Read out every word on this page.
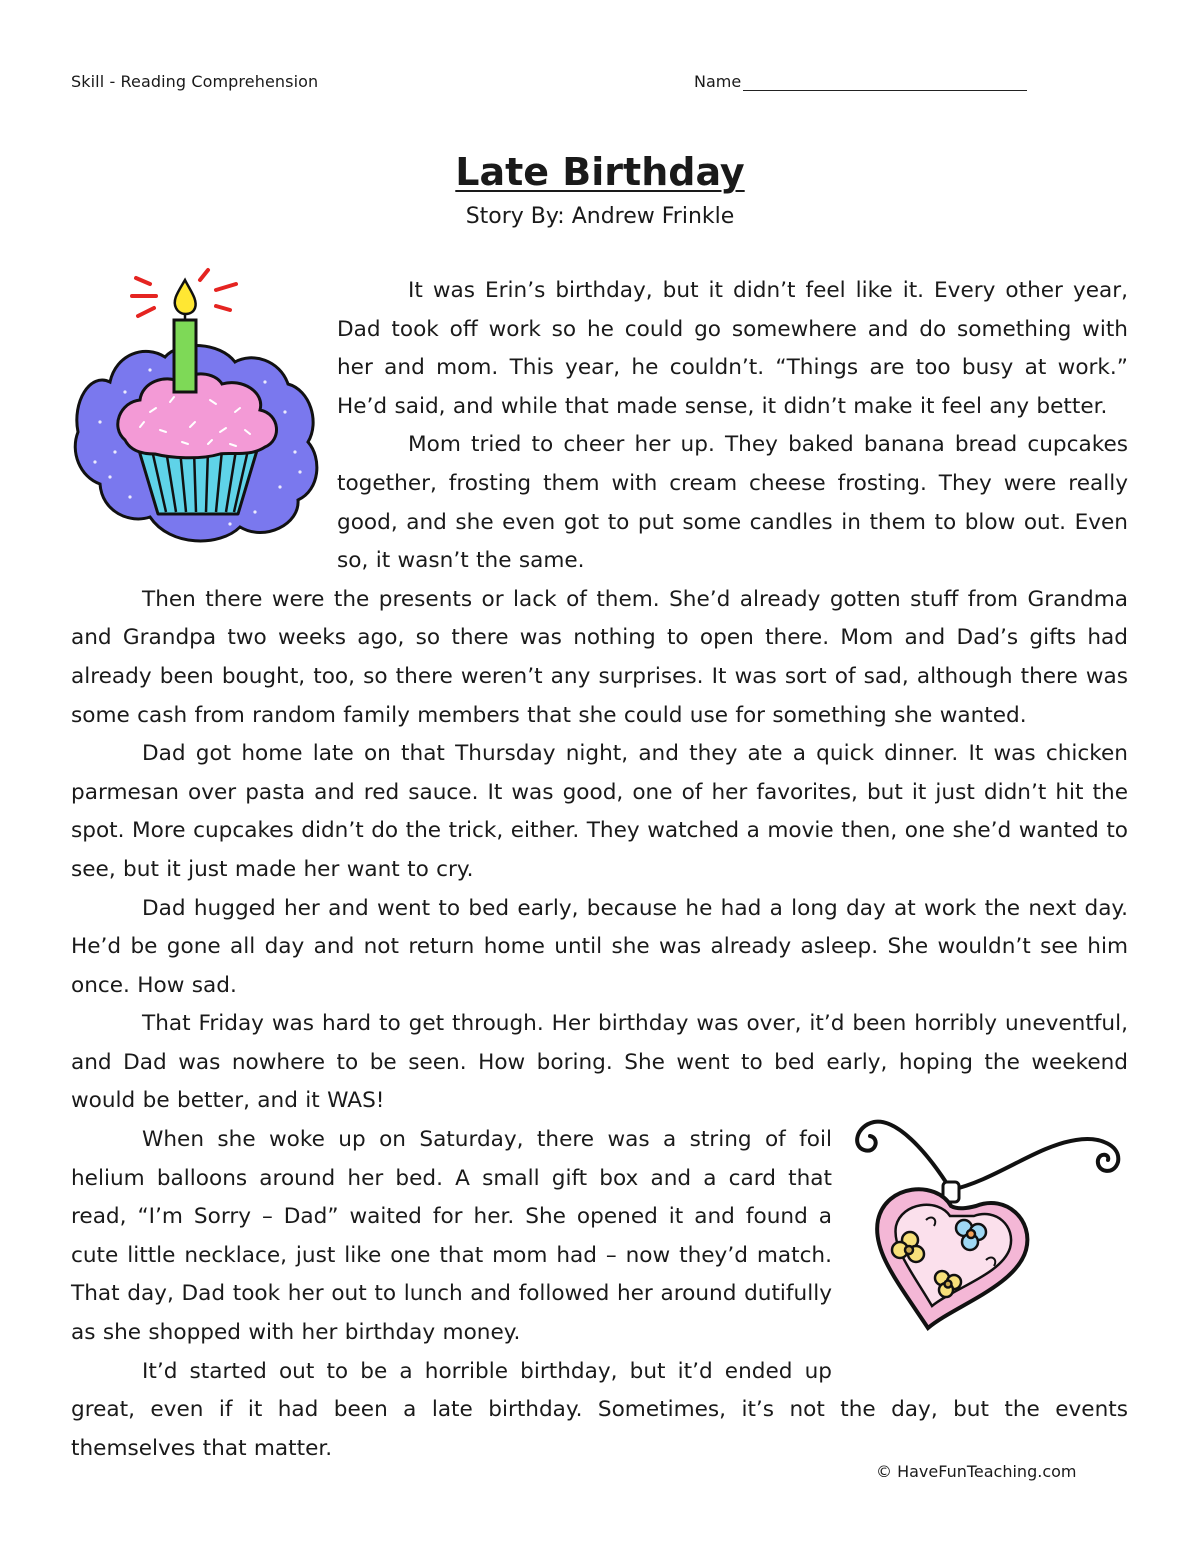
Skill - Reading Comprehension	Name
Late Birthday
Story By: Andrew Frinkle

It was Erin’s birthday, but it didn’t feel like it. Every other year, Dad took off work so he could go somewhere and do something with her and mom. This year, he couldn’t. “Things are too busy at work.” He’d said, and while that made sense, it didn’t make it feel any better.

Mom tried to cheer her up. They baked banana bread cupcakes together, frosting them with cream cheese frosting. They were really good, and she even got to put some candles in them to blow out. Even so, it wasn’t the same.

Then there were the presents or lack of them. She’d already gotten stuff from Grandma and Grandpa two weeks ago, so there was nothing to open there. Mom and Dad’s gifts had already been bought, too, so there weren’t any surprises. It was sort of sad, although there was some cash from random family members that she could use for something she wanted.

Dad got home late on that Thursday night, and they ate a quick dinner. It was chicken parmesan over pasta and red sauce. It was good, one of her favorites, but it just didn’t hit the spot. More cupcakes didn’t do the trick, either. They watched a movie then, one she’d wanted to see, but it just made her want to cry.

Dad hugged her and went to bed early, because he had a long day at work the next day. He’d be gone all day and not return home until she was already asleep. She wouldn’t see him once. How sad.

That Friday was hard to get through. Her birthday was over, it’d been horribly uneventful, and Dad was nowhere to be seen. How boring. She went to bed early, hoping the weekend would be better, and it WAS!

When she woke up on Saturday, there was a string of foil helium balloons around her bed. A small gift box and a card that read, “I’m Sorry – Dad” waited for her. She opened it and found a cute little necklace, just like one that mom had – now they’d match. That day, Dad took her out to lunch and followed her around dutifully as she shopped with her birthday money.

It’d started out to be a horrible birthday, but it’d ended up great, even if it had been a late birthday. Sometimes, it’s not the day, but the events themselves that matter.

© HaveFunTeaching.com
